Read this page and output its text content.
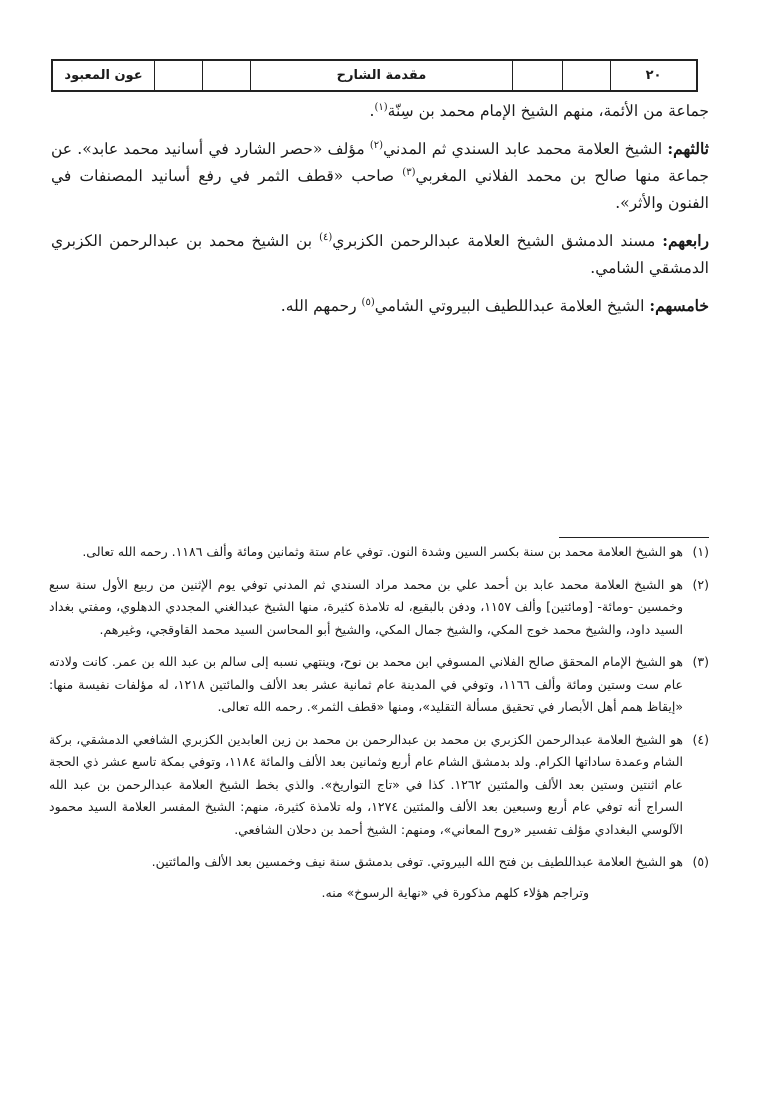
عون المعبود	مقدمة الشارح	٢٠

جماعة من الأئمة، منهم الشيخ الإمام محمد بن سِنّة$^{(١)}$.

ثالثهم: الشيخ العلامة محمد عابد السندي ثم المدني$^{(٢)}$ مؤلف «حصر الشارد في أسانيد محمد عابد». عن جماعة منها صالح بن محمد الفلاني المغربي$^{(٣)}$ صاحب «قطف الثمر في رفع أسانيد المصنفات في الفنون والأثر».

رابعهم: مسند الدمشق الشيخ العلامة عبدالرحمن الكزبري$^{(٤)}$ بن الشيخ محمد بن عبدالرحمن الكزبري الدمشقي الشامي.

خامسهم: الشيخ العلامة عبداللطيف البيروتي الشامي$^{(٥)}$ رحمهم الله.

(١)
هو الشيخ العلامة محمد بن سنة بكسر السين وشدة النون. توفي عام ستة وثمانين ومائة وألف ١١٨٦. رحمه الله تعالى.
(٢)
هو الشيخ العلامة محمد عابد بن أحمد علي بن محمد مراد السندي ثم المدني توفي يوم الإثنين من ربيع الأول سنة سبع وخمسين -ومائة- [ومائتين] وألف ١١٥٧، ودفن بالبقيع، له تلامذة كثيرة، منها الشيخ عبدالغني المجددي الدهلوي، ومفتي بغداد السيد داود، والشيخ محمد خوج المكي، والشيخ جمال المكي، والشيخ أبو المحاسن السيد محمد القاوقجي، وغيرهم.
(٣)
هو الشيخ الإمام المحقق صالح الفلاني المسوفي ابن محمد بن نوح، وينتهي نسبه إلى سالم بن عبد الله بن عمر. كانت ولادته عام ست وستين ومائة وألف ١١٦٦، وتوفي في المدينة عام ثمانية عشر بعد الألف والمائتين ١٢١٨، له مؤلفات نفيسة منها: «إيقاظ همم أهل الأبصار في تحقيق مسألة التقليد»، ومنها «قطف الثمر». رحمه الله تعالى.
(٤)
هو الشيخ العلامة عبدالرحمن الكزبري بن محمد بن عبدالرحمن بن محمد بن زين العابدين الكزبري الشافعي الدمشقي، بركة الشام وعمدة ساداتها الكرام. ولد بدمشق الشام عام أربع وثمانين بعد الألف والمائة ١١٨٤، وتوفي بمكة تاسع عشر ذي الحجة عام اثنتين وستين بعد الألف والمئتين ١٢٦٢. كذا في «تاج التواريخ». والذي بخط الشيخ العلامة عبدالرحمن بن عبد الله السراج أنه توفي عام أربع وسبعين بعد الألف والمئتين ١٢٧٤، وله تلامذة كثيرة، منهم: الشيخ المفسر العلامة السيد محمود الآلوسي البغدادي مؤلف تفسير «روح المعاني»، ومنهم: الشيخ أحمد بن دحلان الشافعي.
(٥)
هو الشيخ العلامة عبداللطيف بن فتح الله البيروتي. توفى بدمشق سنة نيف وخمسين بعد الألف والمائتين.
وتراجم هؤلاء كلهم مذكورة في «نهاية الرسوخ» منه.
